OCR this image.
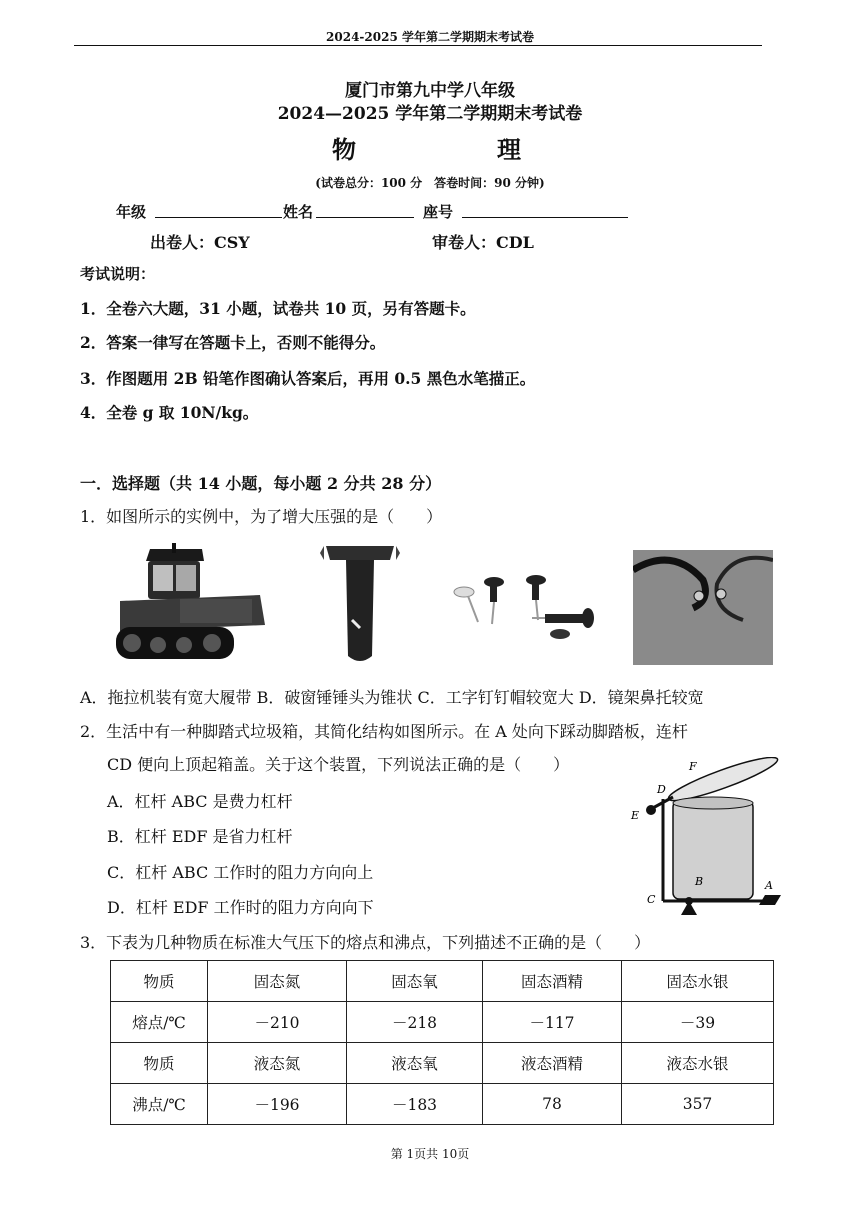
2024-2025 学年第二学期期末考试卷
厦门市第九中学八年级
2024—2025 学年第二学期期末考试卷
物	理
(试卷总分：100 分　答卷时间：90 分钟)
年级	姓名	座号
出卷人：CSY	审卷人：CDL
考试说明：
1．全卷六大题，31 小题，试卷共 10 页，另有答题卡。
2．答案一律写在答题卡上，否则不能得分。
3．作图题用 2B 铅笔作图确认答案后，再用 0.5 黑色水笔描正。
4．全卷 g 取 10N/kg。
一．选择题（共 14 小题，每小题 2 分共 28 分）
1．如图所示的实例中，为了增大压强的是（　　）
A．拖拉机装有宽大履带 B．破窗锤锤头为锥状 C．工字钉钉帽较宽大 D．镜架鼻托较宽
2．生活中有一种脚踏式垃圾箱，其简化结构如图所示。在 A 处向下踩动脚踏板，连杆
CD 便向上顶起箱盖。关于这个装置，下列说法正确的是（　　）
A．杠杆 ABC 是费力杠杆
B．杠杆 EDF 是省力杠杆
C．杠杆 ABC 工作时的阻力方向向上
D．杠杆 EDF 工作时的阻力方向向下
F
D
E
B
C
A
3．下表为几种物质在标准大气压下的熔点和沸点，下列描述不正确的是（　　）
物质	固态氮	固态氧	固态酒精	固态水银
熔点/℃	－210	－218	－117	－39
物质	液态氮	液态氧	液态酒精	液态水银
沸点/℃	－196	－183	78	357
第 1页共 10页
